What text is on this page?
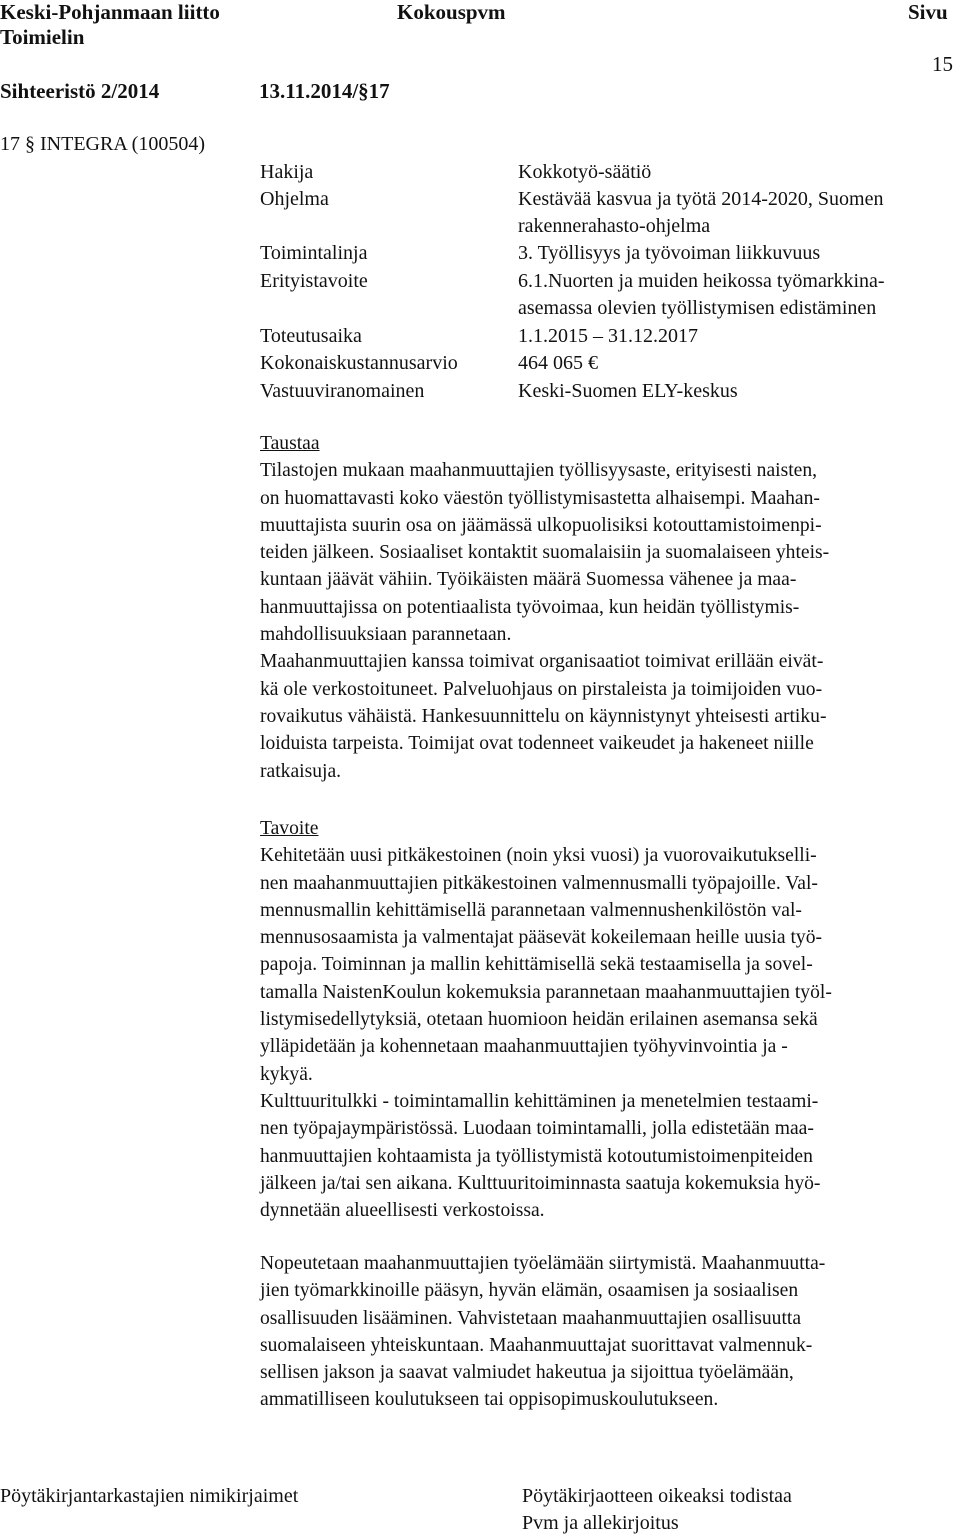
Keski-Pohjanmaan liitto	Kokouspvm	Sivu
Toimielin
15
Sihteeristö 2/2014	13.11.2014/§17
17 § INTEGRA (100504)
Hakija	Kokkotyö-säätiö
Ohjelma	Kestävää kasvua ja työtä 2014-2020, Suomen
rakennerahasto-ohjelma
Toimintalinja	3. Työllisyys ja työvoiman liikkuvuus
Erityistavoite	6.1.Nuorten ja muiden heikossa työmarkkina-
asemassa olevien työllistymisen edistäminen
Toteutusaika	1.1.2015 – 31.12.2017
Kokonaiskustannusarvio	464 065 €
Vastuuviranomainen	Keski-Suomen ELY-keskus
Taustaa
Tilastojen mukaan maahanmuuttajien työllisyysaste, erityisesti naisten,
on huomattavasti koko väestön työllistymisastetta alhaisempi. Maahan-
muuttajista suurin osa on jäämässä ulkopuolisiksi kotouttamistoimenpi-
teiden jälkeen. Sosiaaliset kontaktit suomalaisiin ja suomalaiseen yhteis-
kuntaan jäävät vähiin. Työikäisten määrä Suomessa vähenee ja maa-
hanmuuttajissa on potentiaalista työvoimaa, kun heidän työllistymis-
mahdollisuuksiaan parannetaan.
Maahanmuuttajien kanssa toimivat organisaatiot toimivat erillään eivät-
kä ole verkostoituneet. Palveluohjaus on pirstaleista ja toimijoiden vuo-
rovaikutus vähäistä. Hankesuunnittelu on käynnistynyt yhteisesti artiku-
loiduista tarpeista. Toimijat ovat todenneet vaikeudet ja hakeneet niille
ratkaisuja.
Tavoite
Kehitetään uusi pitkäkestoinen (noin yksi vuosi) ja vuorovaikutukselli-
nen maahanmuuttajien pitkäkestoinen valmennusmalli työpajoille. Val-
mennusmallin kehittämisellä parannetaan valmennushenkilöstön val-
mennusosaamista ja valmentajat pääsevät kokeilemaan heille uusia työ-
papoja. Toiminnan ja mallin kehittämisellä sekä testaamisella ja sovel-
tamalla NaistenKoulun kokemuksia parannetaan maahanmuuttajien työl-
listymisedellytyksiä, otetaan huomioon heidän erilainen asemansa sekä
ylläpidetään ja kohennetaan maahanmuuttajien työhyvinvointia ja -
kykyä.
Kulttuuritulkki - toimintamallin kehittäminen ja menetelmien testaami-
nen työpajaympäristössä. Luodaan toimintamalli, jolla edistetään maa-
hanmuuttajien kohtaamista ja työllistymistä kotoutumistoimenpiteiden
jälkeen ja/tai sen aikana. Kulttuuritoiminnasta saatuja kokemuksia hyö-
dynnetään alueellisesti verkostoissa.
Nopeutetaan maahanmuuttajien työelämään siirtymistä. Maahanmuutta-
jien työmarkkinoille pääsyn, hyvän elämän, osaamisen ja sosiaalisen
osallisuuden lisääminen. Vahvistetaan maahanmuuttajien osallisuutta
suomalaiseen yhteiskuntaan. Maahanmuuttajat suorittavat valmennuk-
sellisen jakson ja saavat valmiudet hakeutua ja sijoittua työelämään,
ammatilliseen koulutukseen tai oppisopimuskoulutukseen.
Pöytäkirjantarkastajien nimikirjaimet	Pöytäkirjaotteen oikeaksi todistaa
Pvm ja allekirjoitus
